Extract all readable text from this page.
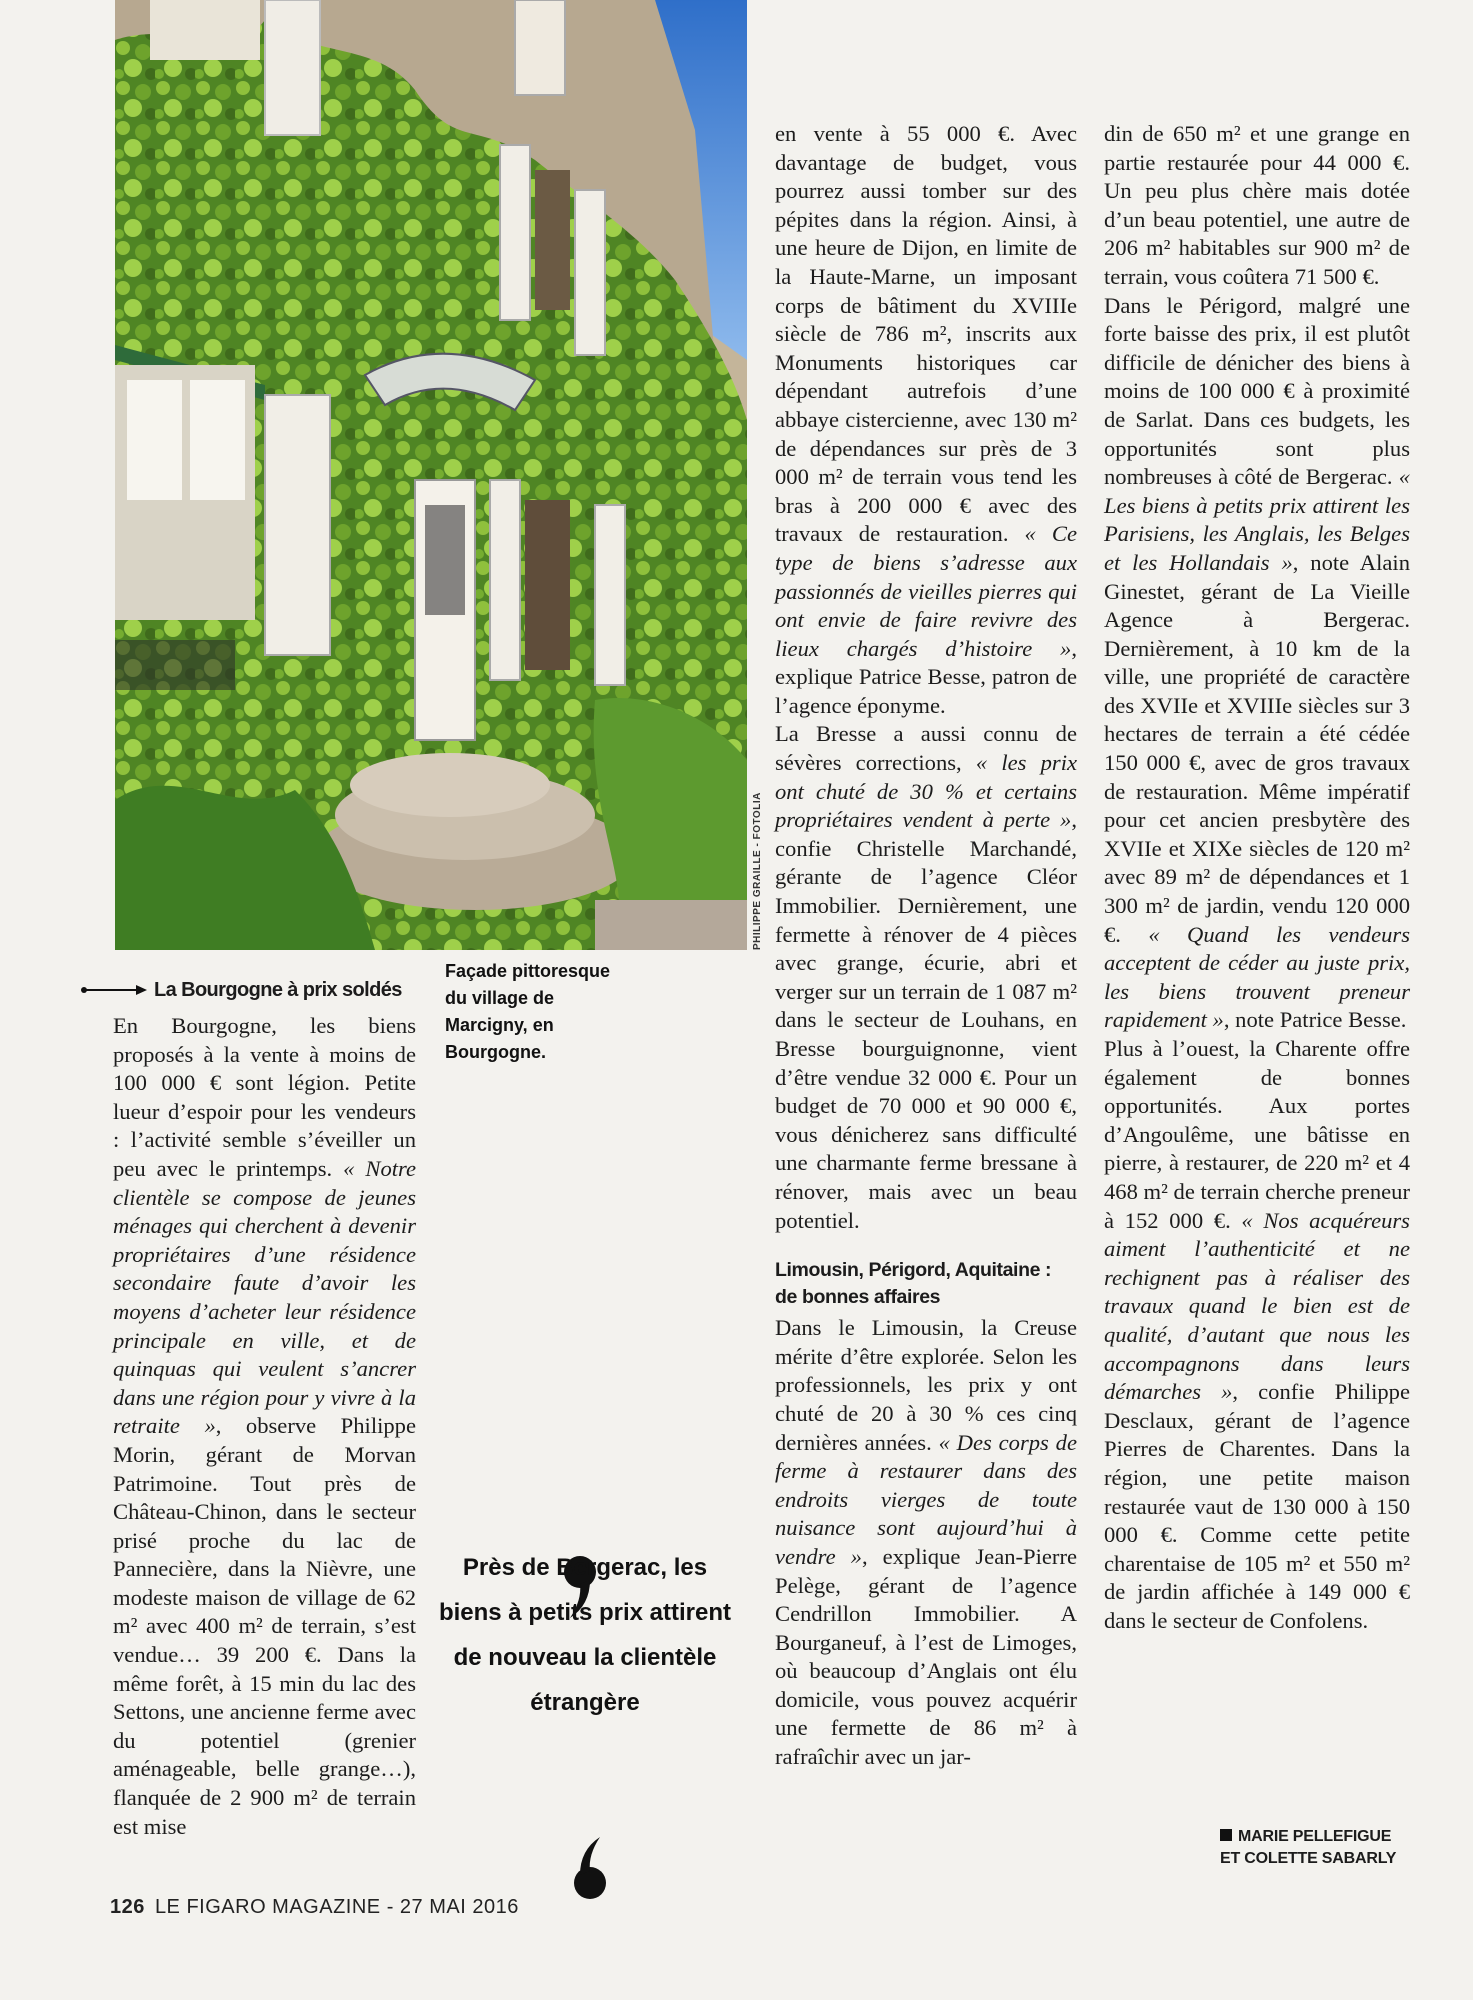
PHILIPPE GRAILLE - FOTOLIA
Façade pittoresque du village de Marcigny, en Bourgogne.
La Bourgogne à prix soldés

En Bourgogne, les biens proposés à la vente à moins de 100 000 € sont légion. Petite lueur d’espoir pour les vendeurs : l’activité semble s’éveiller un peu avec le printemps. « Notre clientèle se compose de jeunes ménages qui cherchent à devenir propriétaires d’une résidence secondaire faute d’avoir les moyens d’acheter leur résidence principale en ville, et de quinquas qui veulent s’ancrer dans une région pour y vivre à la retraite », observe Philippe Morin, gérant de Morvan Patrimoine. Tout près de Château-Chinon, dans le secteur prisé proche du lac de Pannecière, dans la Nièvre, une modeste maison de village de 62 m² avec 400 m² de terrain, s’est vendue… 39 200 €. Dans la même forêt, à 15 min du lac des Settons, une ancienne ferme avec du potentiel (grenier aménageable, belle grange…), flanquée de 2 900 m² de terrain est mise

en vente à 55 000 €. Avec davantage de budget, vous pourrez aussi tomber sur des pépites dans la région. Ainsi, à une heure de Dijon, en limite de la Haute-Marne, un imposant corps de bâtiment du XVIIIe siècle de 786 m², inscrits aux Monuments historiques car dépendant autrefois d’une abbaye cistercienne, avec 130 m² de dépendances sur près de 3 000 m² de terrain vous tend les bras à 200 000 € avec des travaux de restauration. « Ce type de biens s’adresse aux passionnés de vieilles pierres qui ont envie de faire revivre des lieux chargés d’histoire », explique Patrice Besse, patron de l’agence éponyme.

La Bresse a aussi connu de sévères corrections, « les prix ont chuté de 30 % et certains propriétaires vendent à perte », confie Christelle Marchandé, gérante de l’agence Cléor Immobilier. Dernièrement, une fermette à rénover de 4 pièces avec grange, écurie, abri et verger sur un terrain de 1 087 m² dans le secteur de Louhans, en Bresse bourguignonne, vient d’être vendue 32 000 €. Pour un budget de 70 000 et 90 000 €, vous dénicherez sans difficulté une charmante ferme bressane à rénover, mais avec un beau potentiel.

Limousin, Périgord, Aquitaine : de bonnes affaires

Dans le Limousin, la Creuse mérite d’être explorée. Selon les professionnels, les prix y ont chuté de 20 à 30 % ces cinq dernières années. « Des corps de ferme à restaurer dans des endroits vierges de toute nuisance sont aujourd’hui à vendre », explique Jean-Pierre Pelège, gérant de l’agence Cendrillon Immobilier. A Bourganeuf, à l’est de Limoges, où beaucoup d’Anglais ont élu domicile, vous pouvez acquérir une fermette de 86 m² à rafraîchir avec un jar-

din de 650 m² et une grange en partie restaurée pour 44 000 €. Un peu plus chère mais dotée d’un beau potentiel, une autre de 206 m² habitables sur 900 m² de terrain, vous coûtera 71 500 €.

Dans le Périgord, malgré une forte baisse des prix, il est plutôt difficile de dénicher des biens à moins de 100 000 € à proximité de Sarlat. Dans ces budgets, les opportunités sont plus nombreuses à côté de Bergerac. « Les biens à petits prix attirent les Parisiens, les Anglais, les Belges et les Hollandais », note Alain Ginestet, gérant de La Vieille Agence à Bergerac. Dernièrement, à 10 km de la ville, une propriété de caractère des XVIIe et XVIIIe siècles sur 3 hectares de terrain a été cédée 150 000 €, avec de gros travaux de restauration. Même impératif pour cet ancien presbytère des XVIIe et XIXe siècles de 120 m² avec 89 m² de dépendances et 1 300 m² de jardin, vendu 120 000 €. « Quand les vendeurs acceptent de céder au juste prix, les biens trouvent preneur rapidement », note Patrice Besse.

Plus à l’ouest, la Charente offre également de bonnes opportunités. Aux portes d’Angoulême, une bâtisse en pierre, à restaurer, de 220 m² et 4 468 m² de terrain cherche preneur à 152 000 €. « Nos acquéreurs aiment l’authenticité et ne rechignent pas à réaliser des travaux quand le bien est de qualité, d’autant que nous les accompagnons dans leurs démarches », confie Philippe Desclaux, gérant de l’agence Pierres de Charentes. Dans la région, une petite maison restaurée vaut de 130 000 à 150 000 €. Comme cette petite charentaise de 105 m² et 550 m² de jardin affichée à 149 000 € dans le secteur de Confolens.

Près de Bergerac, les biens à petits prix attirent de nouveau la clientèle étrangère
MARIE PELLEFIGUE ET COLETTE SABARLY
126 LE FIGARO MAGAZINE - 27 MAI 2016
